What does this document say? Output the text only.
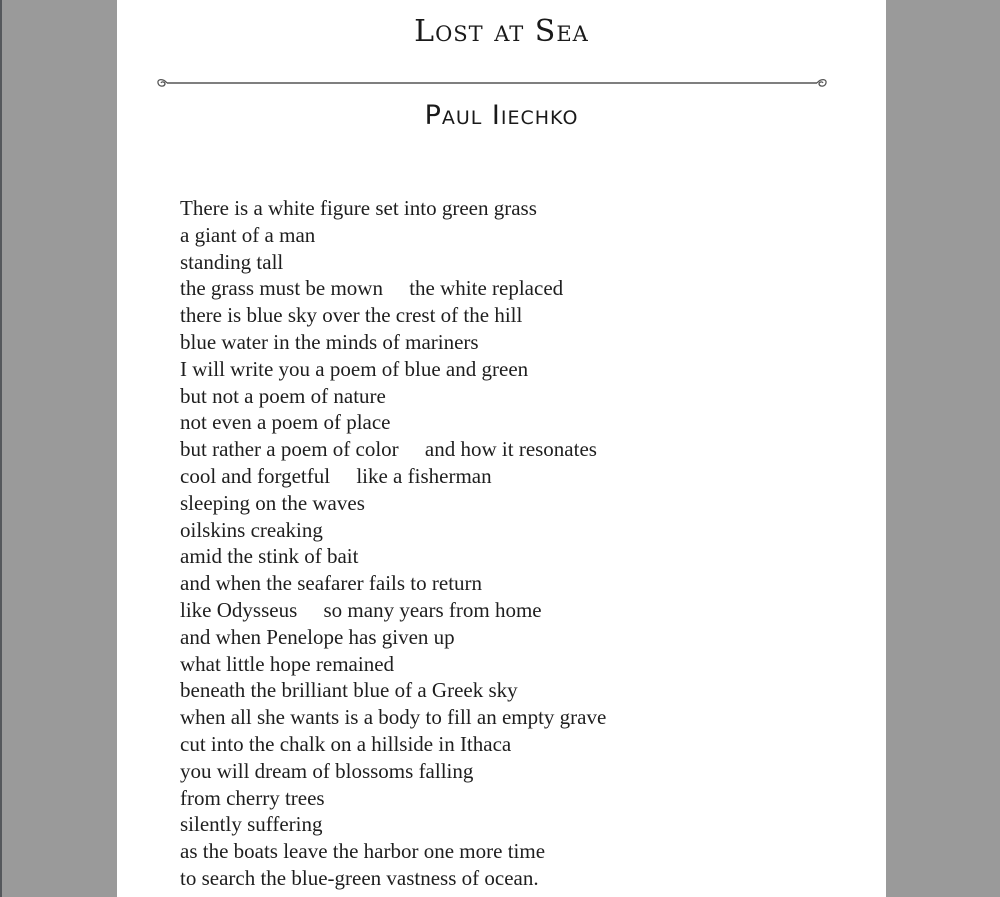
Lost at Sea
Paul Iiechko
There is a white figure set into green grass
a giant of a man
standing tall
the grass must be mown     the white replaced
there is blue sky over the crest of the hill
blue water in the minds of mariners
I will write you a poem of blue and green
but not a poem of nature
not even a poem of place
but rather a poem of color     and how it resonates
cool and forgetful     like a fisherman
sleeping on the waves
oilskins creaking
amid the stink of bait
and when the seafarer fails to return
like Odysseus     so many years from home
and when Penelope has given up
what little hope remained
beneath the brilliant blue of a Greek sky
when all she wants is a body to fill an empty grave
cut into the chalk on a hillside in Ithaca
you will dream of blossoms falling
from cherry trees
silently suffering
as the boats leave the harbor one more time
to search the blue-green vastness of ocean.
